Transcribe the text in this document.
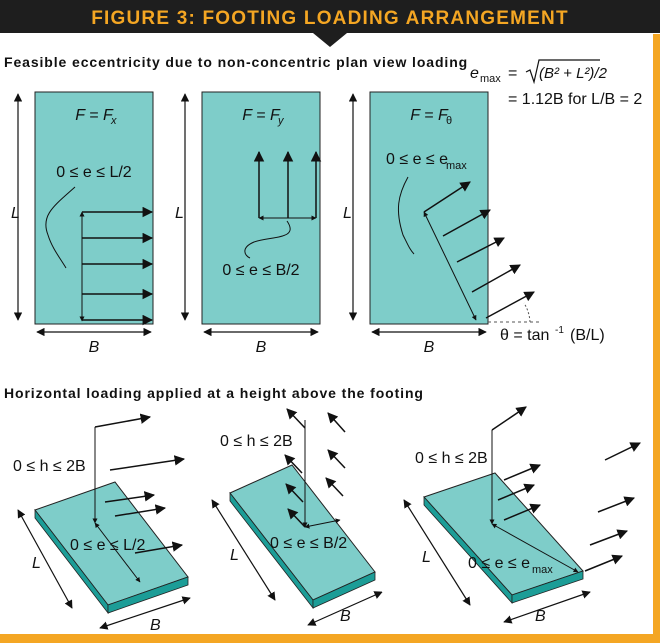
FIGURE 3: FOOTING LOADING ARRANGEMENT
Feasible eccentricity due to non-concentric plan view loading
e max = (B² + L²)/2
= 1.12B for L/B = 2
F = F
x
0 ≤ e ≤ L/2
L
B
F = F
y
0 ≤ e ≤ B/2
L
B
F = F
θ
0 ≤ e ≤ e
max
θ = tan -1 (B/L)
L
B
Horizontal loading applied at a height above the footing
0 ≤ h ≤ 2B
0 ≤ e ≤ L/2
L
B
0 ≤ h ≤ 2B
0 ≤ e ≤ B/2
L
B
0 ≤ h ≤ 2B
0 ≤ e ≤ e max
L
B
